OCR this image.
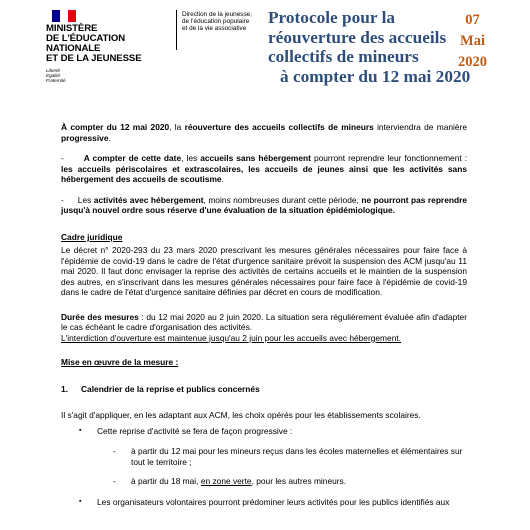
MINISTÈRE
DE L'ÉDUCATION
NATIONALE
ET DE LA JEUNESSE
Liberté
Égalité
Fraternité
Direction de la jeunesse,
de l'éducation populaire
et de la vie associative
Protocole pour la
réouverture des accueils
collectifs de mineurs
à compter du 12 mai 2020
07
Mai
2020

À compter du 12 mai 2020, la réouverture des accueils collectifs de mineurs interviendra de manière progressive.

- A compter de cette date, les accueils sans hébergement pourront reprendre leur fonctionnement : les accueils périscolaires et extrascolaires, les accueils de jeunes ainsi que les activités sans hébergement des accueils de scoutisme.

- Les activités avec hébergement, moins nombreuses durant cette période, ne pourront pas reprendre jusqu'à nouvel ordre sous réserve d'une évaluation de la situation épidémiologique.

Cadre juridique

Le décret n° 2020-293 du 23 mars 2020 prescrivant les mesures générales nécessaires pour faire face à l'épidémie de covid-19 dans le cadre de l'état d'urgence sanitaire prévoit la suspension des ACM jusqu'au 11 mai 2020. Il faut donc envisager la reprise des activités de certains accueils et le maintien de la suspension des autres, en s'inscrivant dans les mesures générales nécessaires pour faire face à l'épidémie de covid-19 dans le cadre de l'état d'urgence sanitaire définies par décret en cours de modification.

Durée des mesures : du 12 mai 2020 au 2 juin 2020. La situation sera régulièrement évaluée afin d'adapter le cas échéant le cadre d'organisation des activités.

L'interdiction d'ouverture est maintenue jusqu'au 2 juin pour les accueils avec hébergement.

Mise en œuvre de la mesure :

1.	Calendrier de la reprise et publics concernés

Il s'agit d'appliquer, en les adaptant aux ACM, les choix opérés pour les établissements scolaires.

▪	Cette reprise d'activité se fera de façon progressive :
-	à partir du 12 mai pour les mineurs reçus dans les écoles maternelles et élémentaires sur tout le territoire ;
-	à partir du 18 mai, en zone verte, pour les autres mineurs.
▪	Les organisateurs volontaires pourront prédominer leurs activités pour les publics identifiés aux
